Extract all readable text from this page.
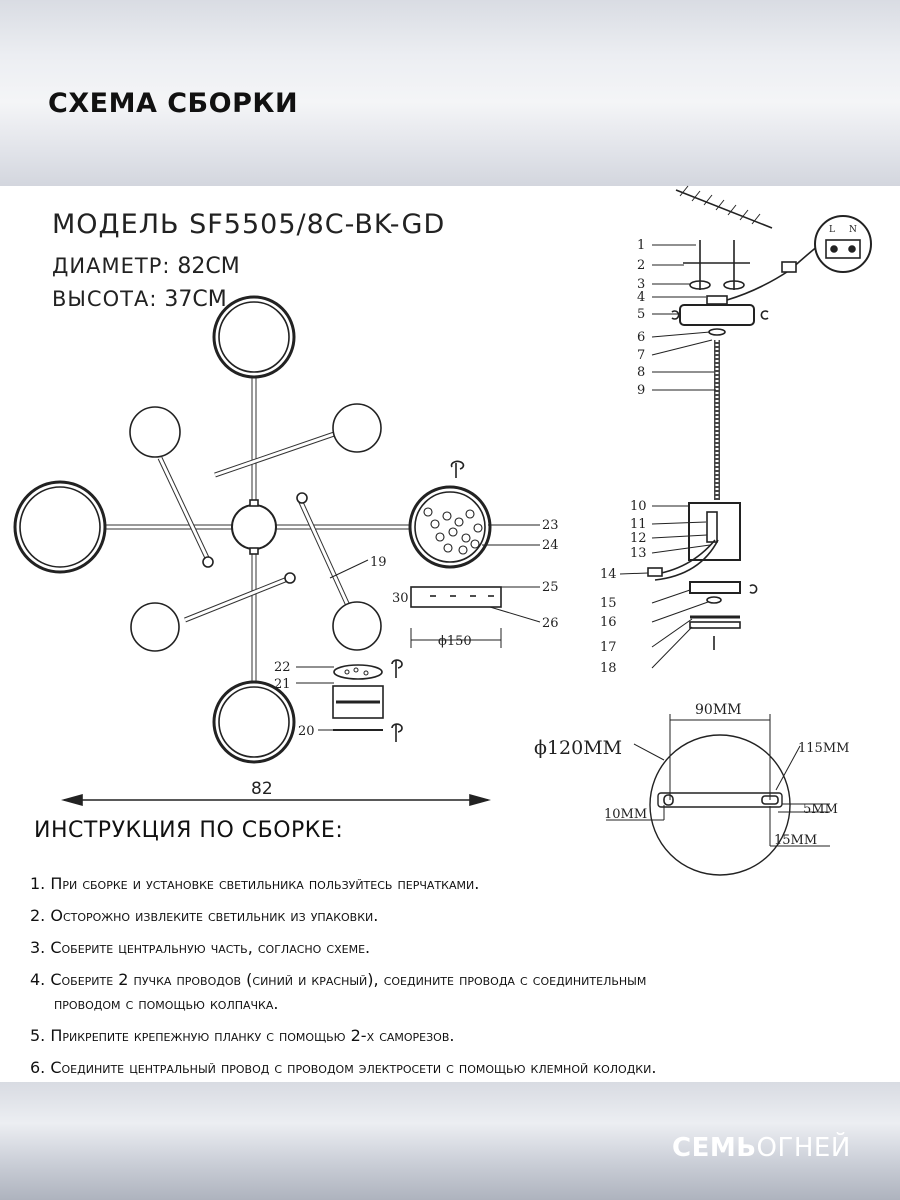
СХЕМА СБОРКИ
МОДЕЛЬ SF5505/8C-BK-GD
ДИАМЕТР: 82СМ
ВЫСОТА: 37СМ
19
23
24
25
30
26
ϕ150
22
21
20
82
L N
1
2
3
4
5
6
7
8
9
10
11
12
13
14
15
16
17
18
90MM
ϕ120MM	115MM
10MM	5MM
15MM
ИНСТРУКЦИЯ ПО СБОРКЕ:
1. При сборке и установке светильника пользуйтесь перчатками.
2. Осторожно извлеките светильник из упаковки.
3. Соберите центральную часть, согласно схеме.
4. Соберите 2 пучка проводов (синий и красный), соедините провода с соединительным
проводом с помощью колпачка.
5. Прикрепите крепежную планку с помощью 2-х саморезов.
6. Соедините центральный провод с проводом электросети с помощью клемной колодки.
СЕМЬОГНЕЙ
